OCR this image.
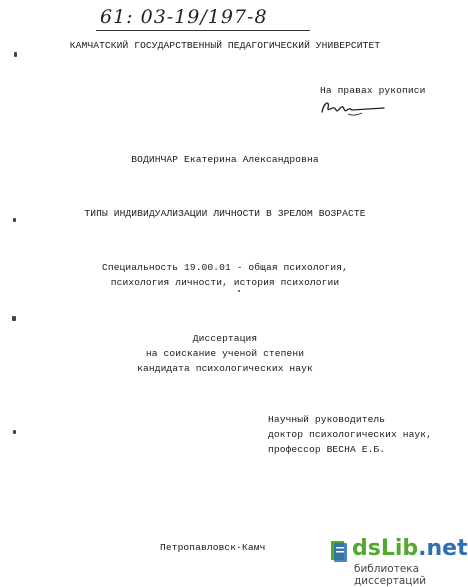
61: 03-19/197-8
КАМЧАТСКИЙ ГОСУДАРСТВЕННЫЙ ПЕДАГОГИЧЕСКИЙ УНИВЕРСИТЕТ
На правах рукописи
ВОДИНЧАР Екатерина Александровна
ТИПЫ ИНДИВИДУАЛИЗАЦИИ ЛИЧНОСТИ В ЗРЕЛОМ ВОЗРАСТЕ
Специальность 19.00.01 - общая психология,
психология личности, история психологии
Диссертация
на соискание ученой степени
кандидата психологических наук
Научный руководитель
доктор психологических наук,
профессор ВЕСНА Е.Б.
Петропавловск-Камч	dsLib.net
библиотека диссертаций
